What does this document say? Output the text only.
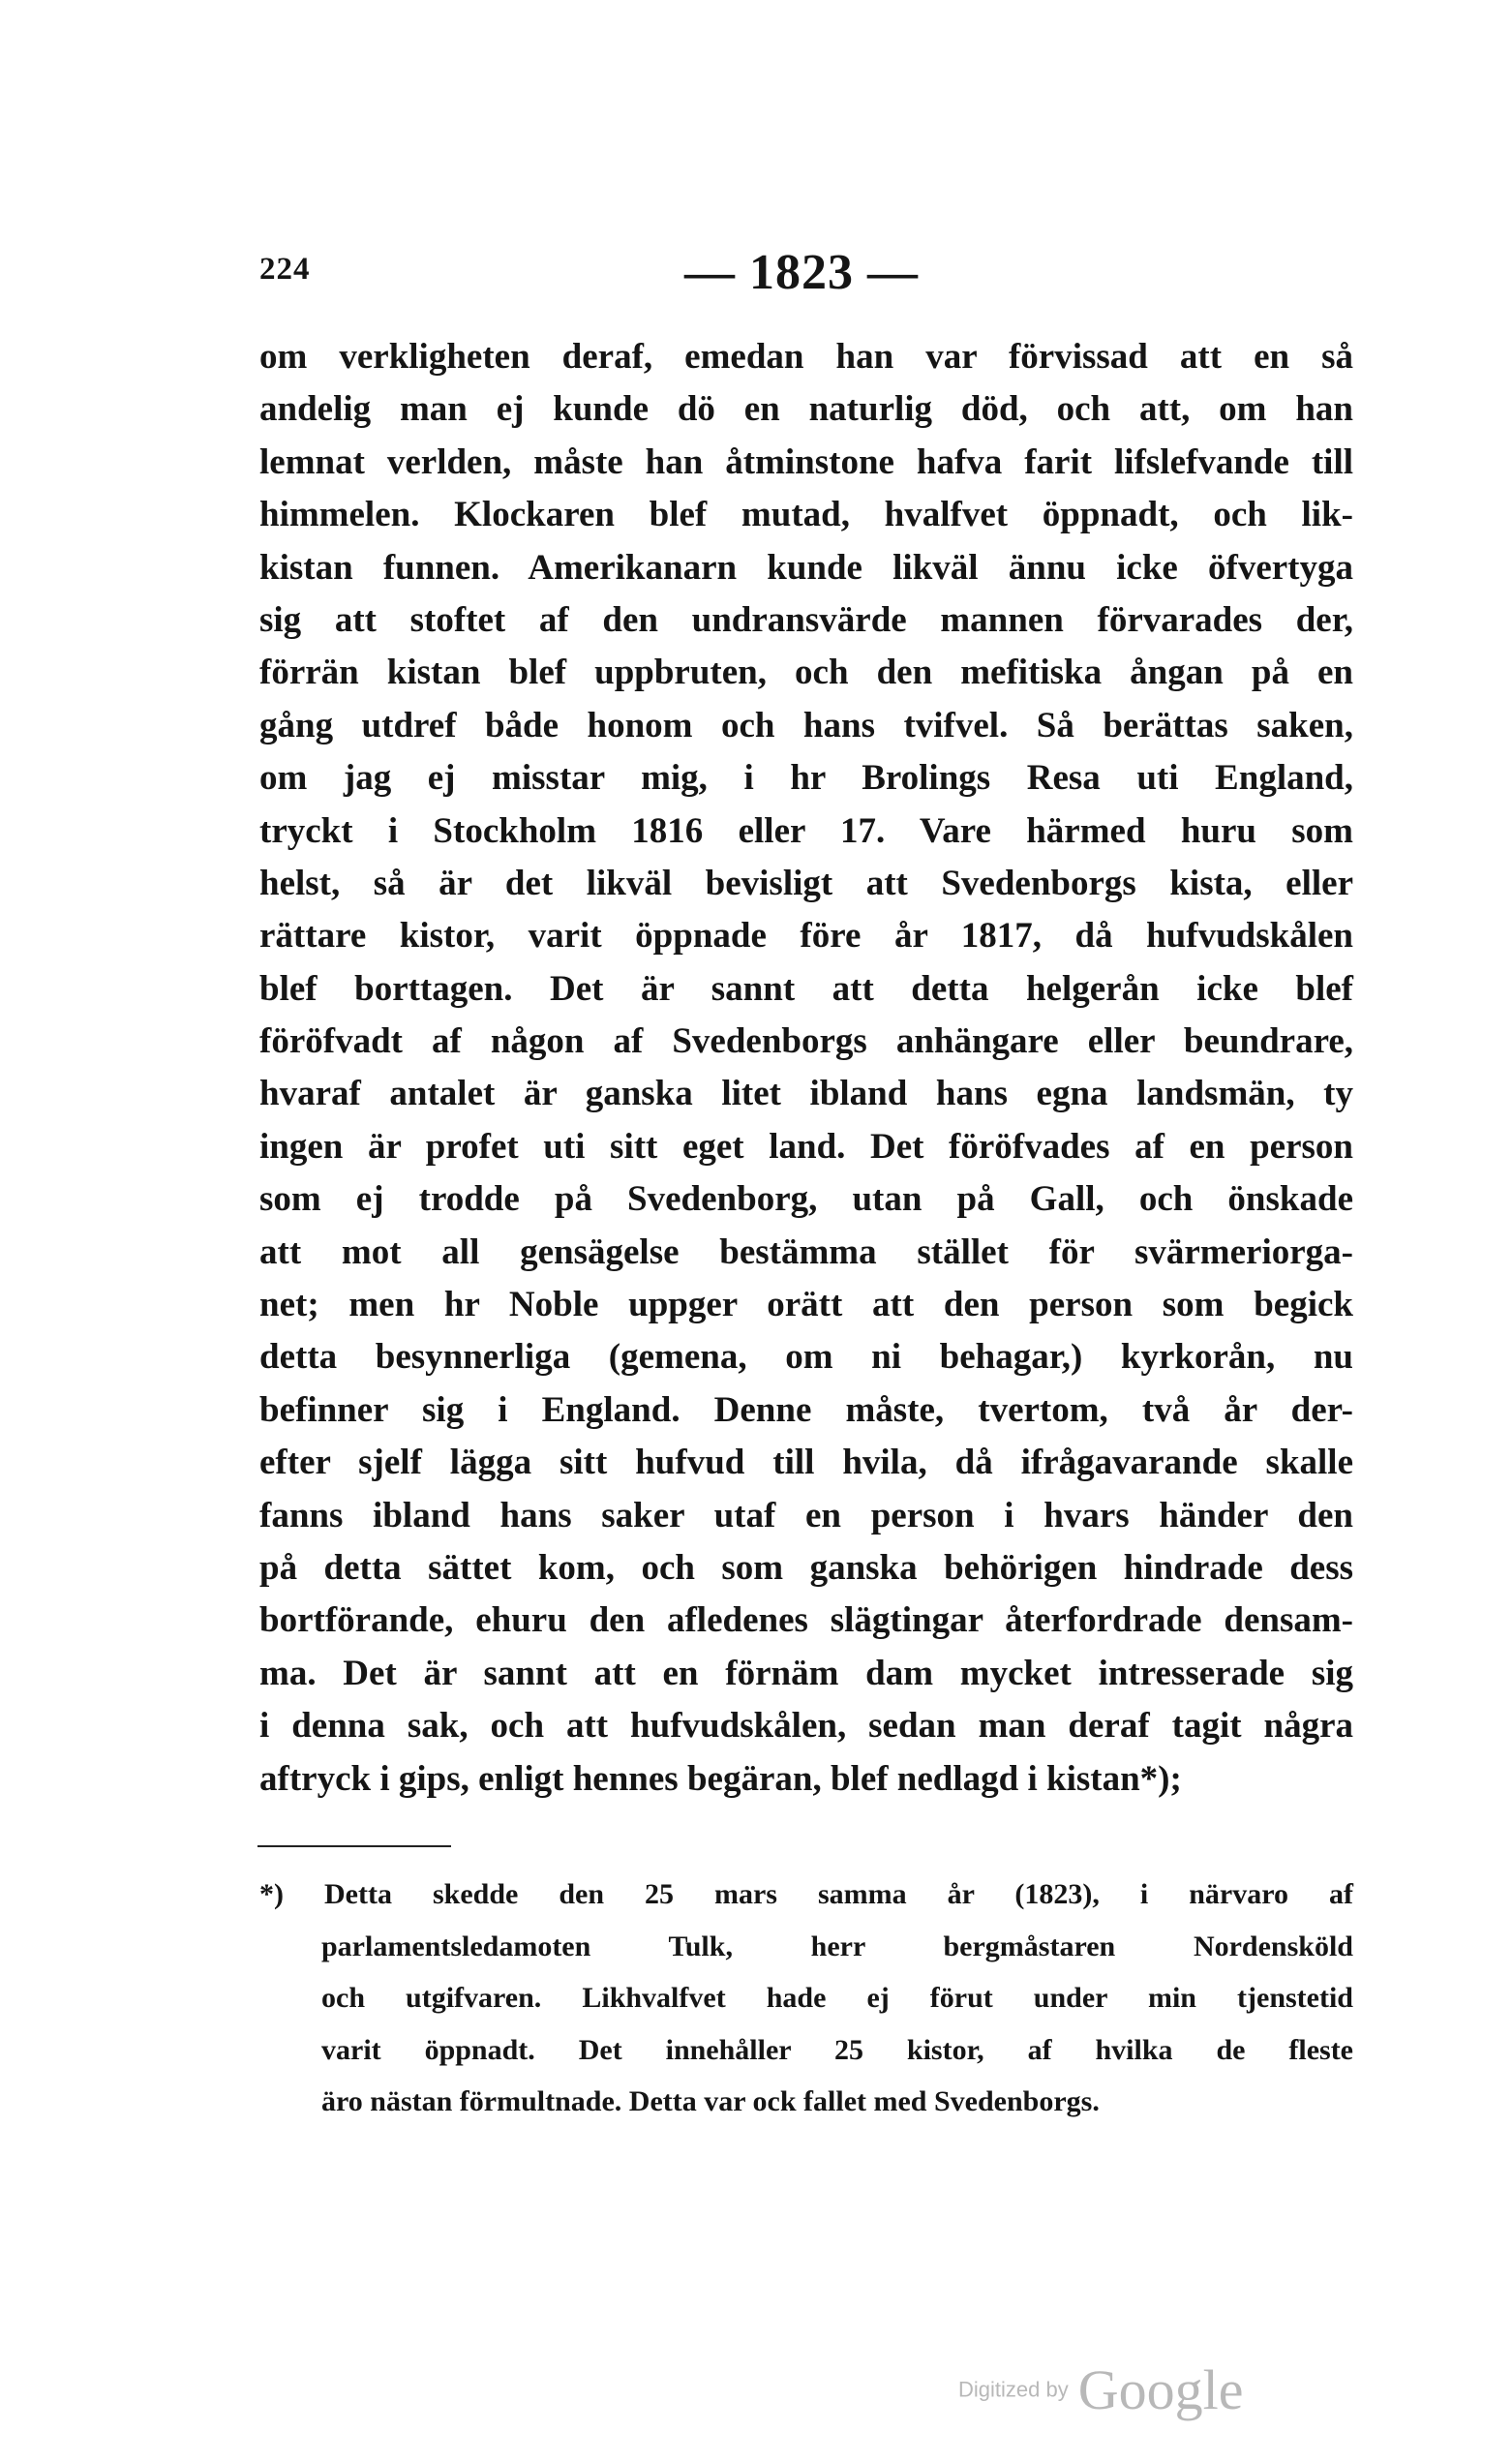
224	— 1823 —
om verkligheten deraf, emedan han var förvissad att en så
andelig man ej kunde dö en naturlig död, och att, om han
lemnat verlden, måste han åtminstone hafva farit lifslefvande till
himmelen. Klockaren blef mutad, hvalfvet öppnadt, och lik-
kistan funnen. Amerikanarn kunde likväl ännu icke öfvertyga
sig att stoftet af den undransvärde mannen förvarades der,
förrän kistan blef uppbruten, och den mefitiska ångan på en
gång utdref både honom och hans tvifvel. Så berättas saken,
om jag ej misstar mig, i hr Brolings Resa uti England,
tryckt i Stockholm 1816 eller 17. Vare härmed huru som
helst, så är det likväl bevisligt att Svedenborgs kista, eller
rättare kistor, varit öppnade före år 1817, då hufvudskålen
blef borttagen. Det är sannt att detta helgerån icke blef
föröfvadt af någon af Svedenborgs anhängare eller beundrare,
hvaraf antalet är ganska litet ibland hans egna landsmän, ty
ingen är profet uti sitt eget land. Det föröfvades af en person
som ej trodde på Svedenborg, utan på Gall, och önskade
att mot all gensägelse bestämma stället för svärmeriorga-
net; men hr Noble uppger orätt att den person som begick
detta besynnerliga (gemena, om ni behagar,) kyrkorån, nu
befinner sig i England. Denne måste, tvertom, två år der-
efter sjelf lägga sitt hufvud till hvila, då ifrågavarande skalle
fanns ibland hans saker utaf en person i hvars händer den
på detta sättet kom, och som ganska behörigen hindrade dess
bortförande, ehuru den afledenes slägtingar återfordrade densam-
ma. Det är sannt att en förnäm dam mycket intresserade sig
i denna sak, och att hufvudskålen, sedan man deraf tagit några
aftryck i gips, enligt hennes begäran, blef nedlagd i kistan*);
*) Detta skedde den 25 mars samma år (1823), i närvaro af
parlamentsledamoten Tulk, herr bergmåstaren Nordensköld
och utgifvaren. Likhvalfvet hade ej förut under min tjenstetid
varit öppnadt. Det innehåller 25 kistor, af hvilka de fleste
äro nästan förmultnade. Detta var ock fallet med Svedenborgs.
Digitized by Google
